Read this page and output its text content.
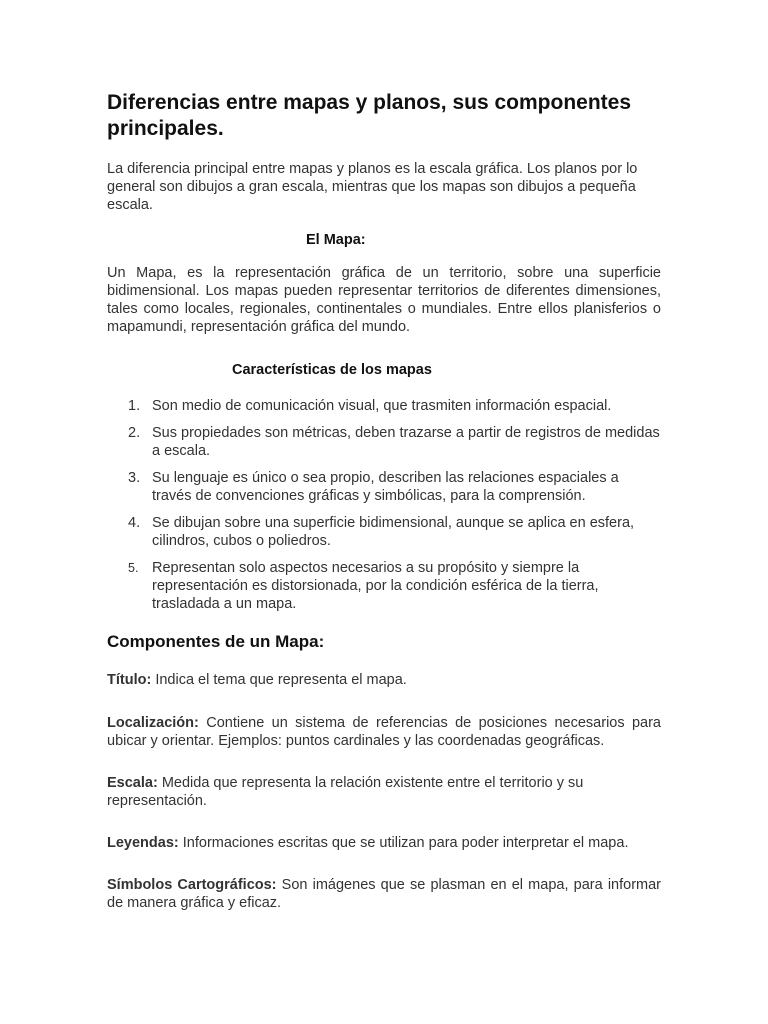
Diferencias entre mapas y planos, sus componentes principales.

La diferencia principal entre mapas y planos es la escala gráfica. Los planos por lo general son dibujos a gran escala, mientras que los mapas son dibujos a pequeña escala.

El Mapa:

Un Mapa, es la representación gráfica de un territorio, sobre una superficie bidimensional. Los mapas pueden representar territorios de diferentes dimensiones, tales como locales, regionales, continentales o mundiales. Entre ellos planisferios o mapamundi, representación gráfica del mundo.

Características de los mapas

1. Son medio de comunicación visual, que trasmiten información espacial.
2. Sus propiedades son métricas, deben trazarse a partir de registros de medidas a escala.
3. Su lenguaje es único o sea propio, describen las relaciones espaciales a través de convenciones gráficas y simbólicas, para la comprensión.
4. Se dibujan sobre una superficie bidimensional, aunque se aplica en esfera, cilindros, cubos o poliedros.
5. Representan solo aspectos necesarios a su propósito y siempre la representación es distorsionada, por la condición esférica de la tierra, trasladada a un mapa.
Componentes de un Mapa:

Título: Indica el tema que representa el mapa.

Localización: Contiene un sistema de referencias de posiciones necesarios para ubicar y orientar. Ejemplos: puntos cardinales y las coordenadas geográficas.

Escala: Medida que representa la relación existente entre el territorio y su representación.

Leyendas: Informaciones escritas que se utilizan para poder interpretar el mapa.

Símbolos Cartográficos: Son imágenes que se plasman en el mapa, para informar de manera gráfica y eficaz.
